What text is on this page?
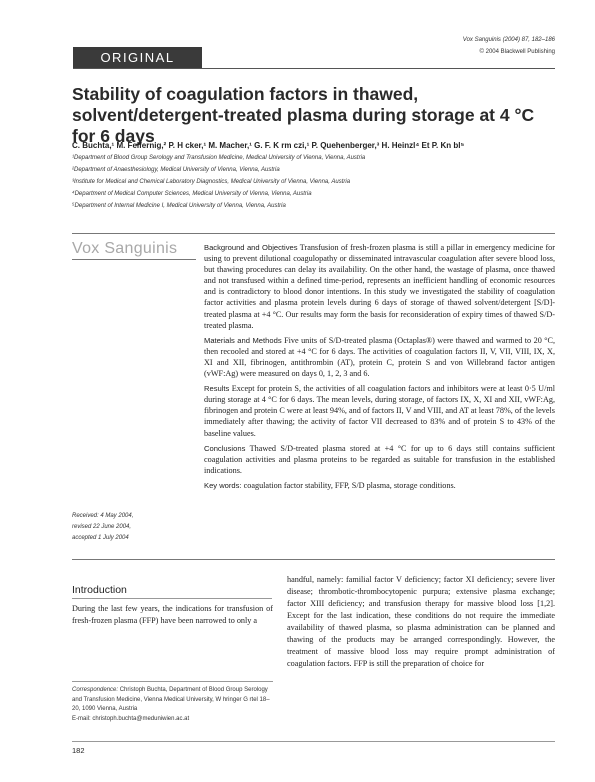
Vox Sanguinis (2004) 87, 182–186
© 2004 Blackwell Publishing
ORIGINAL PAPER
Stability of coagulation factors in thawed, solvent/detergent-treated plasma during storage at 4 °C for 6 days
C. Buchta,¹ M. Felfernig,² P. H cker,¹ M. Macher,¹ G. F. K rm czi,¹ P. Quehenberger,³ H. Heinzl⁴ Et P. Kn bl⁵
¹Department of Blood Group Serology and Transfusion Medicine, Medical University of Vienna, Vienna, Austria
²Department of Anaesthesiology, Medical University of Vienna, Vienna, Austria
³Institute for Medical and Chemical Laboratory Diagnostics, Medical University of Vienna, Vienna, Austria
⁴Department of Medical Computer Sciences, Medical University of Vienna, Vienna, Austria
⁵Department of Internal Medicine I, Medical University of Vienna, Vienna, Austria
Vox Sanguinis	Background and Objectives Transfusion of fresh-frozen plasma is still a pillar in emergency medicine for using to prevent dilutional coagulopathy or disseminated intravascular coagulation after severe blood loss, but thawing procedures can delay its availability. On the other hand, the wastage of plasma, once thawed and not transfused within a defined time-period, represents an inefficient handling of economic resources and is contradictory to blood donor intentions. In this study we investigated the stability of coagulation factor activities and plasma protein levels during 6 days of storage of thawed solvent/detergent [S/D]-treated plasma at +4 °C. Our results may form the basis for reconsideration of expiry times of thawed S/D-treated plasma.

Materials and Methods Five units of S/D-treated plasma (Octaplas®) were thawed and warmed to 20 °C, then recooled and stored at +4 °C for 6 days. The activities of coagulation factors II, V, VII, VIII, IX, X, XI and XII, fibrinogen, antithrombin (AT), protein C, protein S and von Willebrand factor antigen (vWF:Ag) were measured on days 0, 1, 2, 3 and 6.

Results Except for protein S, the activities of all coagulation factors and inhibitors were at least 0·5 U/ml during storage at 4 °C for 6 days. The mean levels, during storage, of factors IX, X, XI and XII, vWF:Ag, fibrinogen and protein C were at least 94%, and of factors II, V and VIII, and AT at least 78%, of the levels immediately after thawing; the activity of factor VII decreased to 83% and of protein S to 43% of the baseline values.

Conclusions Thawed S/D-treated plasma stored at +4 °C for up to 6 days still contains sufficient coagulation activities and plasma proteins to be regarded as suitable for transfusion in the established indications.

Key words: coagulation factor stability, FFP, S/D plasma, storage conditions.

Received: 4 May 2004,
revised 22 June 2004,
accepted 1 July 2004
Introduction
During the last few years, the indications for transfusion of fresh-frozen plasma (FFP) have been narrowed to only a
handful, namely: familial factor V deficiency; factor XI deficiency; severe liver disease; thrombotic-thrombocytopenic purpura; extensive plasma exchange; factor XIII deficiency; and transfusion therapy for massive blood loss [1,2]. Except for the last indication, these conditions do not require the immediate availability of thawed plasma, so plasma administration can be planned and thawing of the products may be arranged correspondingly. However, the treatment of massive blood loss may require prompt administration of coagulation factors. FFP is still the preparation of choice for
Correspondence: Christoph Buchta, Department of Blood Group Serology and Transfusion Medicine, Vienna Medical University, W hringer G rtel 18–20, 1090 Vienna, Austria
E-mail: christoph.buchta@meduniwien.ac.at
182
